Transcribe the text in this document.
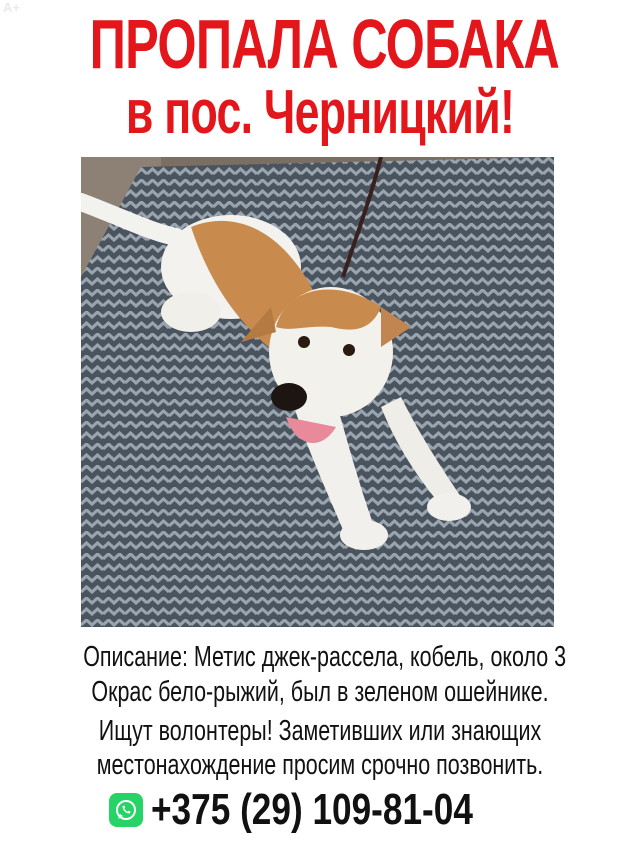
A+ ПРОПАЛА СОБАКА
в пос. Черницкий!
Описание: Метис джек-рассела, кобель, около 3
Окрас бело-рыжий, был в зеленом ошейнике.
Ищут волонтеры! Заметивших или знающих
местонахождение просим срочно позвонить.
+375 (29) 109-81-04
